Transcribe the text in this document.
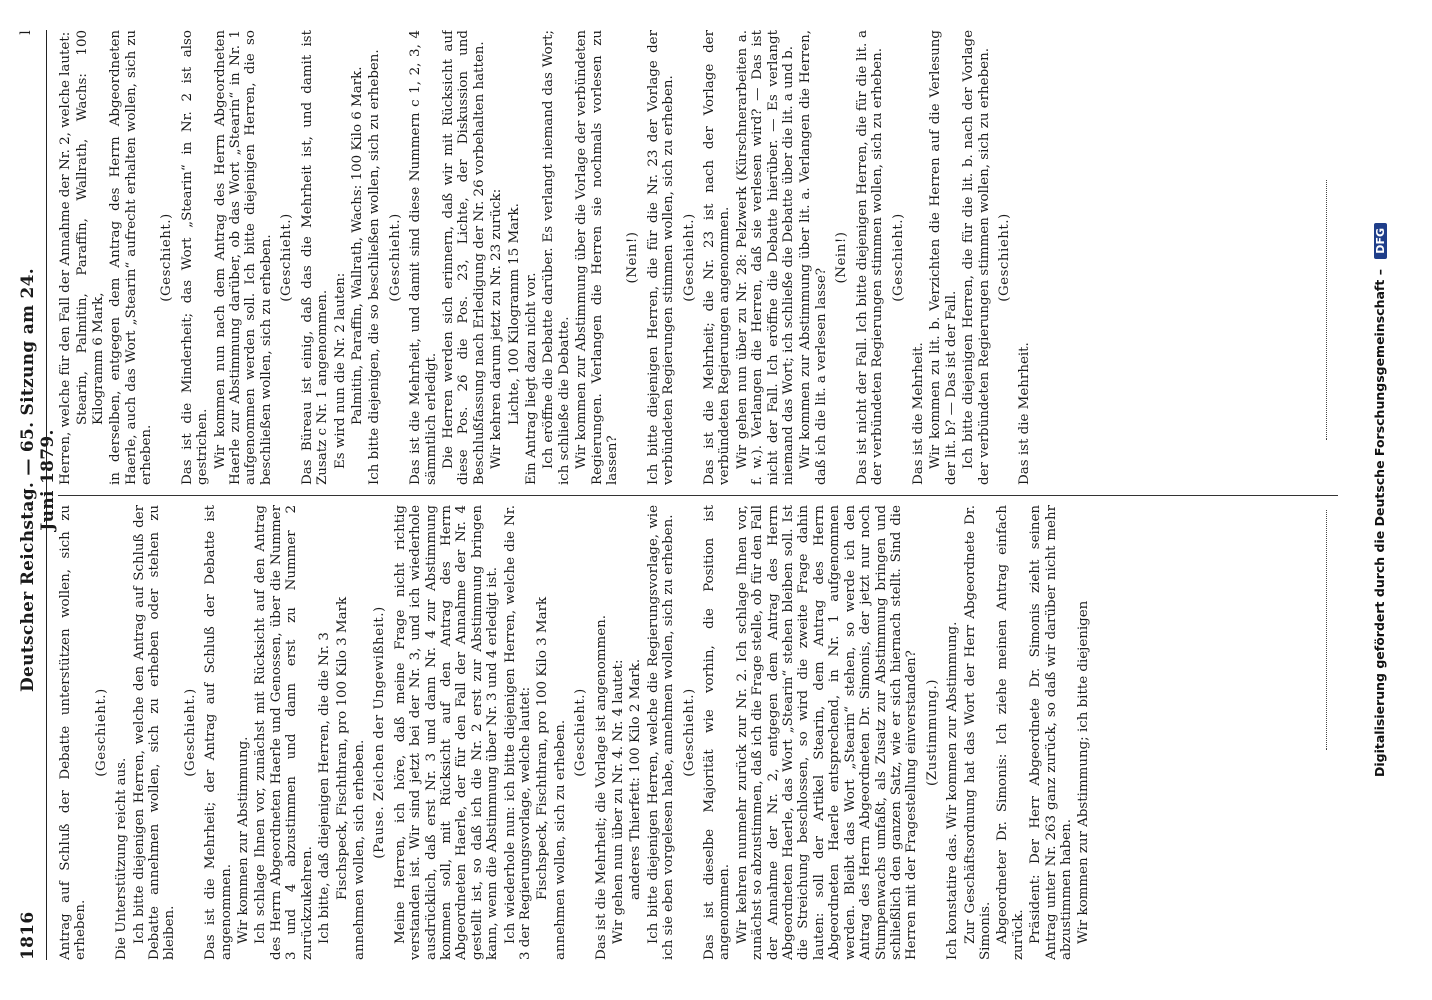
1816
Deutscher Reichstag. — 65. Sitzung am 24. Juni 1879.
l

Antrag auf Schluß der Debatte unterstützen wollen, sich zu erheben.

(Geschieht.)

Die Unterstützung reicht aus. Ich bitte diejenigen Herren, welche den Antrag auf Schluß der Debatte annehmen wollen, sich zu erheben oder stehen zu bleiben.

(Geschieht.) Das ist die Mehrheit; der Antrag auf Schluß der Debatte ist angenommen. Wir kommen zur Abstimmung. Ich schlage Ihnen vor, zunächst mit Rücksicht auf den Antrag des Herrn Abgeordneten Haerle und Genossen, über die Nummer 3 und 4 abzustimmen und dann erst zu Nummer 2 zurückzukehren. Ich bitte, daß diejenigen Herren, die die Nr. 3 Fischspeck, Fischthran, pro 100 Kilo 3 Mark annehmen wollen, sich erheben. (Pause. Zeichen der Ungewißheit.) Meine Herren, ich höre, daß meine Frage nicht richtig verstanden ist. Wir sind jetzt bei der Nr. 3, und ich wiederhole ausdrücklich, daß erst Nr. 3 und dann Nr. 4 zur Abstimmung kommen soll, mit Rücksicht auf den Antrag des Herrn Abgeordneten Haerle, der für den Fall der Annahme der Nr. 4 gestellt ist, so daß ich die Nr. 2 erst zur Abstimmung bringen kann, wenn die Abstimmung über Nr. 3 und 4 erledigt ist. Ich wiederhole nun: ich bitte diejenigen Herren, welche die Nr. 3 der Regierungsvorlage, welche lautet: Fischspeck, Fischthran, pro 100 Kilo 3 Mark annehmen wollen, sich zu erheben. (Geschieht.) Das ist die Mehrheit; die Vorlage ist angenommen. Wir gehen nun über zu Nr. 4. Nr. 4 lautet: anderes Thierfett: 100 Kilo 2 Mark. Ich bitte diejenigen Herren, welche die Regierungsvorlage, wie ich sie eben vorgelesen habe, annehmen wollen, sich zu erheben. (Geschieht.) Das ist dieselbe Majorität wie vorhin, die Position ist angenommen. Wir kehren nunmehr zurück zur Nr. 2. Ich schlage Ihnen vor, zunächst so abzustimmen, daß ich die Frage stelle, ob für den Fall der Annahme der Nr. 2, entgegen dem Antrag des Herrn Abgeordneten Haerle, das Wort „Stearin“ stehen bleiben soll. Ist die Streichung beschlossen, so wird die zweite Frage dahin lauten: soll der Artikel Stearin, dem Antrag des Herrn Abgeordneten Haerle entsprechend, in Nr. 1 aufgenommen werden. Bleibt das Wort „Stearin“ stehen, so werde ich den Antrag des Herrn Abgeordneten Dr. Simonis, der jetzt nur noch Stumpenwachs umfaßt, als Zusatz zur Abstimmung bringen und schließlich den ganzen Satz, wie er sich hiernach stellt. Sind die Herren mit der Fragestellung einverstanden? (Zustimmung.) Ich konstatire das. Wir kommen zur Abstimmung. Zur Geschäftsordnung hat das Wort der Herr Abgeordnete Dr. Simonis. Abgeordneter Dr. Simonis: Ich ziehe meinen Antrag einfach zurück. Präsident: Der Herr Abgeordnete Dr. Simonis zieht seinen Antrag unter Nr. 263 ganz zurück, so daß wir darüber nicht mehr abzustimmen haben. Wir kommen zur Abstimmung; ich bitte diejenigen

Herren, welche für den Fall der Annahme der Nr. 2, welche lautet: Stearin, Palmitin, Paraffin, Wallrath, Wachs: 100 Kilogramm 6 Mark, in derselben, entgegen dem Antrag des Herrn Abgeordneten Haerle, auch das Wort „Stearin“ aufrecht erhalten wollen, sich zu erheben.

(Geschieht.) Das ist die Minderheit; das Wort „Stearin“ in Nr. 2 ist also gestrichen. Wir kommen nun nach dem Antrag des Herrn Abgeordneten Haerle zur Abstimmung darüber, ob das Wort „Stearin“ in Nr. 1 aufgenommen werden soll. Ich bitte diejenigen Herren, die so beschließen wollen, sich zu erheben. (Geschieht.) Das Büreau ist einig, daß das die Mehrheit ist, und damit ist Zusatz c Nr. 1 angenommen. Es wird nun die Nr. 2 lauten: Palmitin, Paraffin, Wallrath, Wachs: 100 Kilo 6 Mark. Ich bitte diejenigen, die so beschließen wollen, sich zu erheben. (Geschieht.) Das ist die Mehrheit, und damit sind diese Nummern c 1, 2, 3, 4 sämmtlich erledigt. Die Herren werden sich erinnern, daß wir mit Rücksicht auf diese Pos. 26 die Pos. 23, Lichte, der Diskussion und Beschlußfassung nach Erledigung der Nr. 26 vorbehalten hatten. Wir kehren darum jetzt zu Nr. 23 zurück: Lichte, 100 Kilogramm 15 Mark. Ein Antrag liegt dazu nicht vor. Ich eröffne die Debatte darüber. Es verlangt niemand das Wort; ich schließe die Debatte. Wir kommen zur Abstimmung über die Vorlage der verbündeten Regierungen. Verlangen die Herren sie nochmals vorlesen zu lassen?

(Nein!) Ich bitte diejenigen Herren, die für die Nr. 23 der Vorlage der verbündeten Regierungen stimmen wollen, sich zu erheben. (Geschieht.) Das ist die Mehrheit; die Nr. 23 ist nach der Vorlage der verbündeten Regierungen angenommen. Wir gehen nun über zu Nr. 28: Pelzwerk (Kürschnerarbeiten a. f. w.). Verlangen die Herren, daß sie verlesen wird? — Das ist nicht der Fall. Ich eröffne die Debatte hierüber. — Es verlangt niemand das Wort; ich schließe die Debatte über die lit. a und b. Wir kommen zur Abstimmung über lit. a. Verlangen die Herren, daß ich die lit. a verlesen lasse?

(Nein!) Das ist nicht der Fall. Ich bitte diejenigen Herren, die für die lit. a der verbündeten Regierungen stimmen wollen, sich zu erheben. (Geschieht.)

Das ist die Mehrheit. Wir kommen zu lit. b. Verzichten die Herren auf die Verlesung der lit. b? — Das ist der Fall. Ich bitte diejenigen Herren, die für die lit. b. nach der Vorlage der verbündeten Regierungen stimmen wollen, sich zu erheben. (Geschieht.)

Das ist die Mehrheit.	Digitalisierung gefördert durch die Deutsche Forschungsgemeinschaft – DFG
